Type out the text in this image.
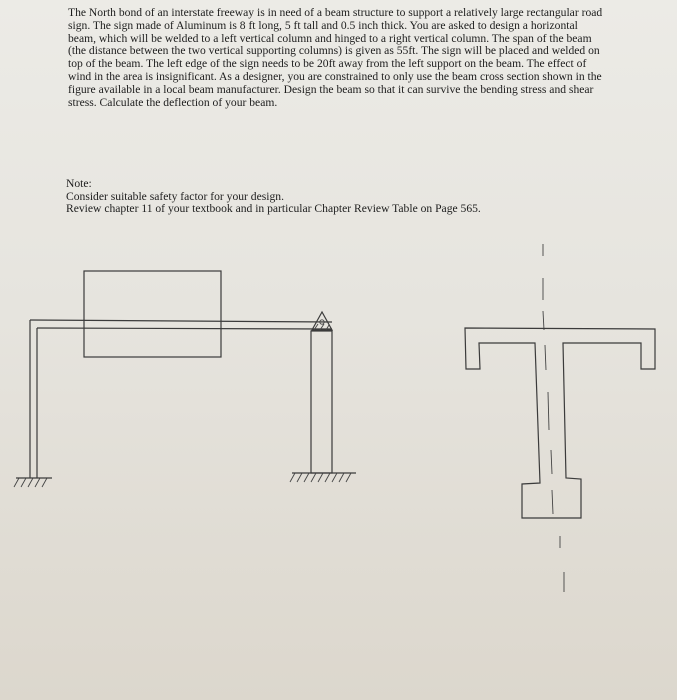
The North bond of an interstate freeway is in need of a beam structure to support a relatively large rectangular road sign. The sign made of Aluminum is 8 ft long, 5 ft tall and 0.5 inch thick. You are asked to design a horizontal beam, which will be welded to a left vertical column and hinged to a right vertical column. The span of the beam (the distance between the two vertical supporting columns) is given as 55ft. The sign will be placed and welded on top of the beam. The left edge of the sign needs to be 20ft away from the left support on the beam. The effect of wind in the area is insignificant. As a designer, you are constrained to only use the beam cross section shown in the figure available in a local beam manufacturer. Design the beam so that it can survive the bending stress and shear stress. Calculate the deflection of your beam.

Note:
Consider suitable safety factor for your design.
Review chapter 11 of your textbook and in particular Chapter Review Table on Page 565.
